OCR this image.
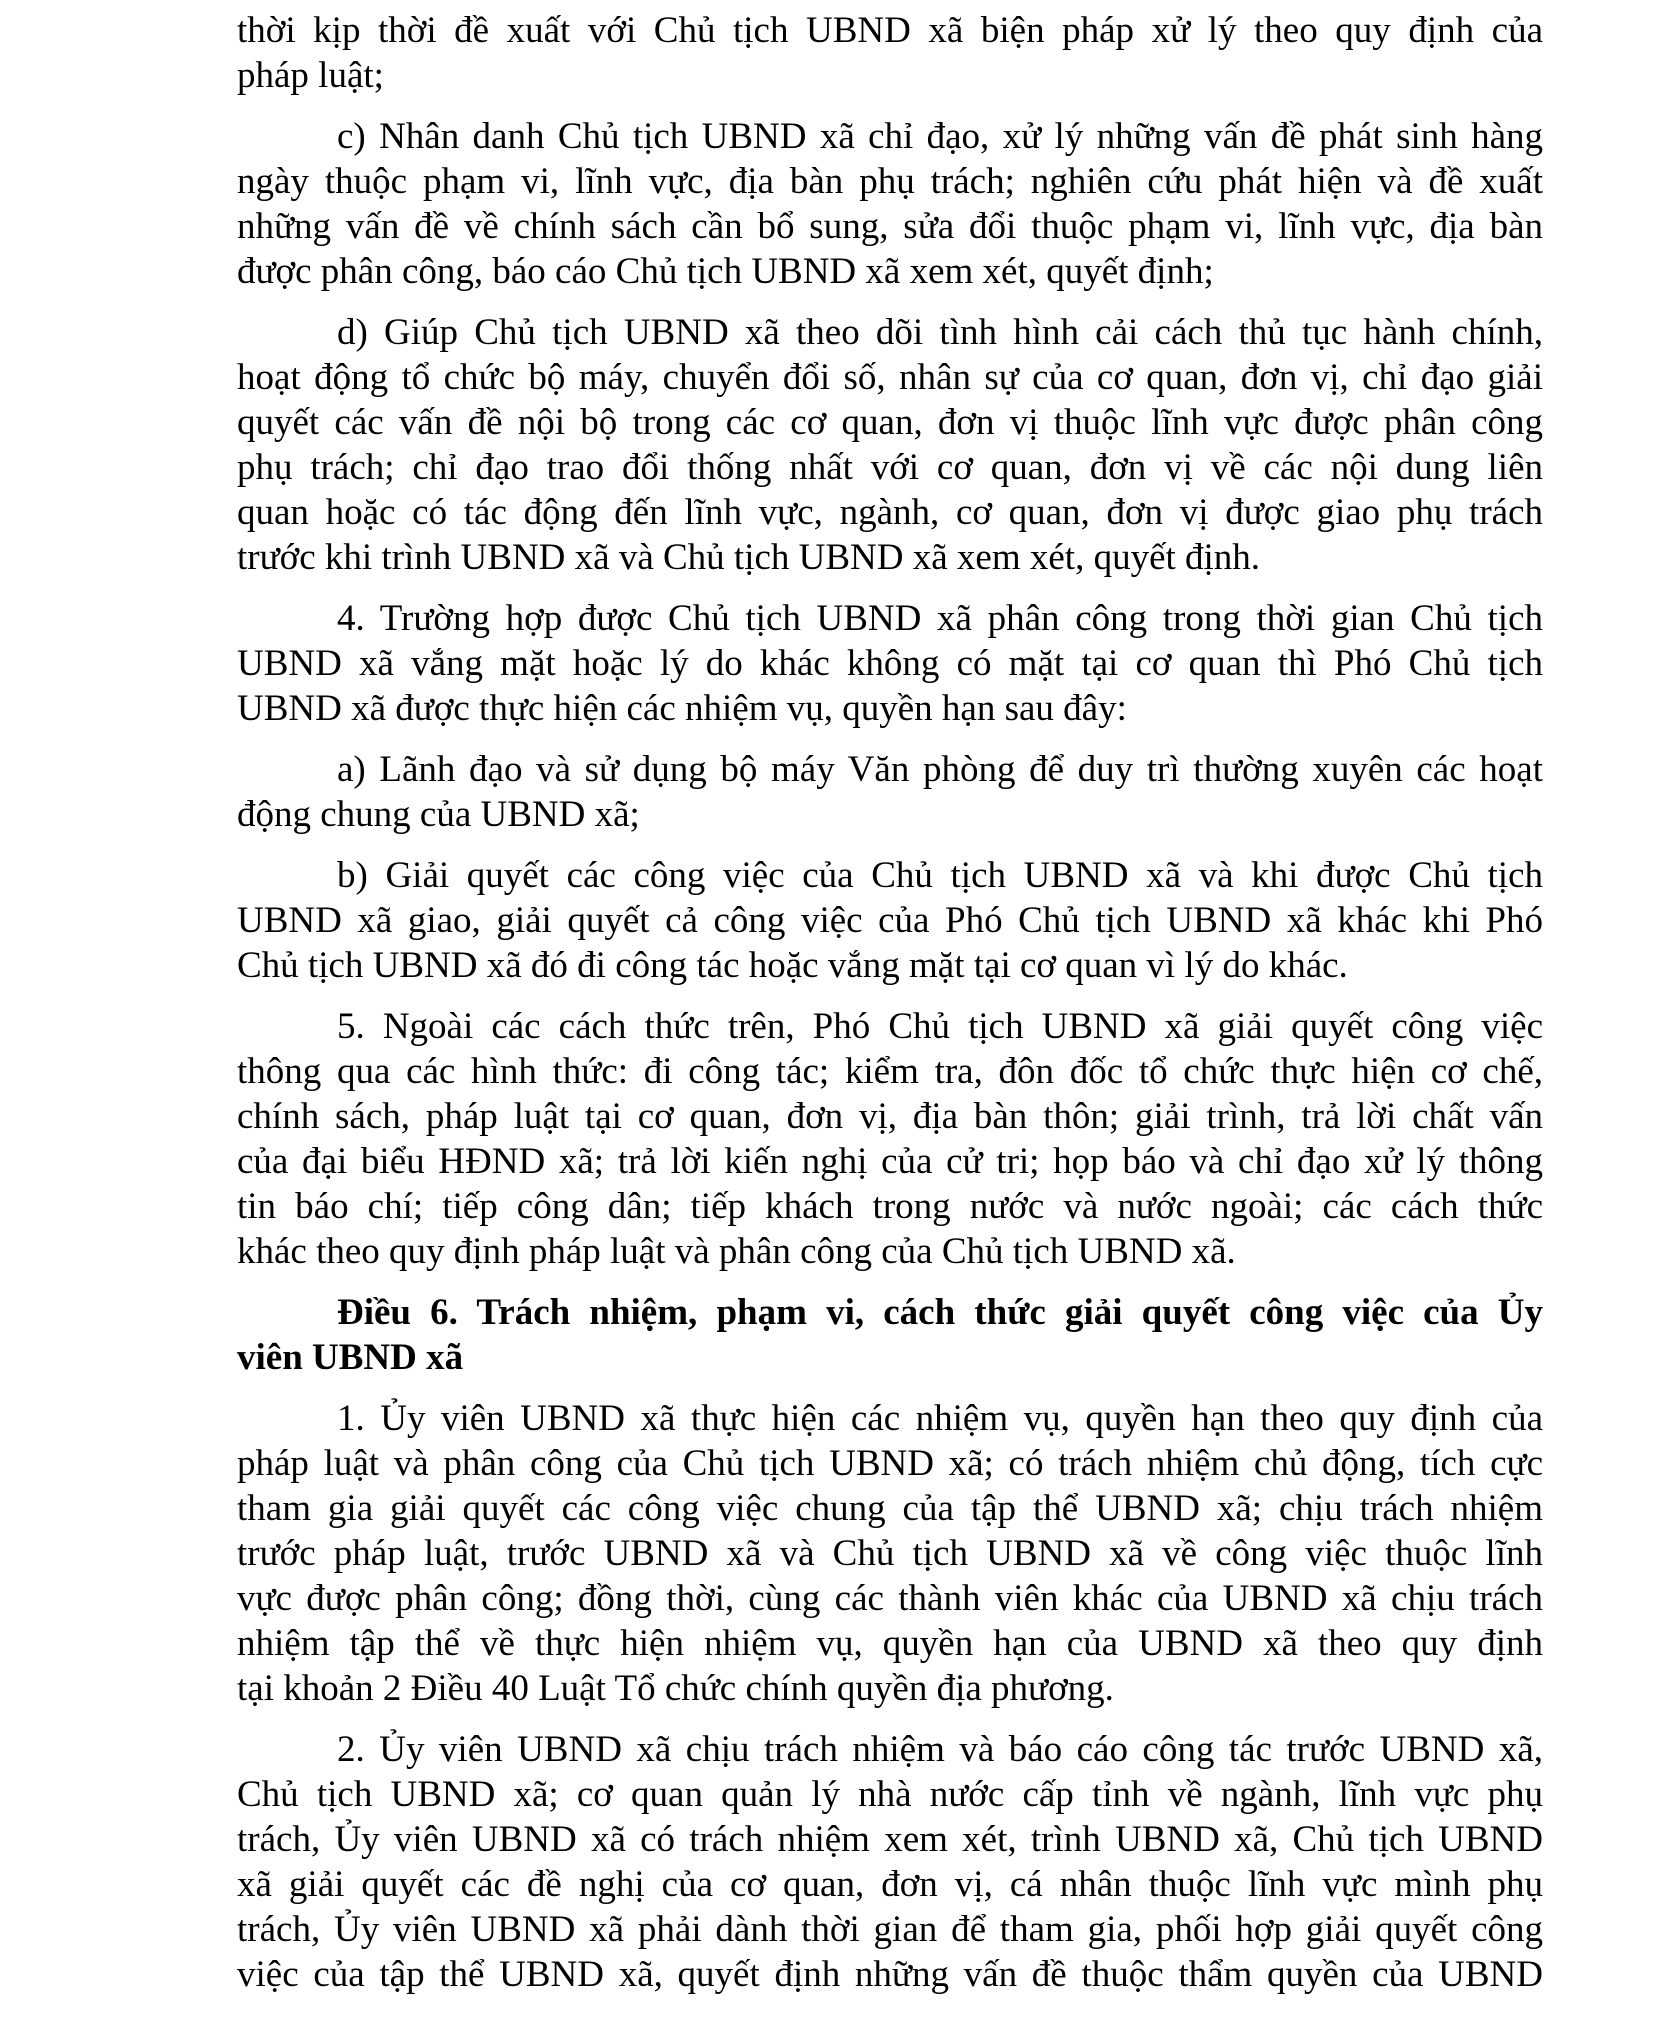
thời kịp thời đề xuất với Chủ tịch UBND xã biện pháp xử lý theo quy định của
pháp luật;
c) Nhân danh Chủ tịch UBND xã chỉ đạo, xử lý những vấn đề phát sinh hàng
ngày thuộc phạm vi, lĩnh vực, địa bàn phụ trách; nghiên cứu phát hiện và đề xuất
những vấn đề về chính sách cần bổ sung, sửa đổi thuộc phạm vi, lĩnh vực, địa bàn
được phân công, báo cáo Chủ tịch UBND xã xem xét, quyết định;
d) Giúp Chủ tịch UBND xã theo dõi tình hình cải cách thủ tục hành chính,
hoạt động tổ chức bộ máy, chuyển đổi số, nhân sự của cơ quan, đơn vị, chỉ đạo giải
quyết các vấn đề nội bộ trong các cơ quan, đơn vị thuộc lĩnh vực được phân công
phụ trách; chỉ đạo trao đổi thống nhất với cơ quan, đơn vị về các nội dung liên
quan hoặc có tác động đến lĩnh vực, ngành, cơ quan, đơn vị được giao phụ trách
trước khi trình UBND xã và Chủ tịch UBND xã xem xét, quyết định.
4. Trường hợp được Chủ tịch UBND xã phân công trong thời gian Chủ tịch
UBND xã vắng mặt hoặc lý do khác không có mặt tại cơ quan thì Phó Chủ tịch
UBND xã được thực hiện các nhiệm vụ, quyền hạn sau đây:
a) Lãnh đạo và sử dụng bộ máy Văn phòng để duy trì thường xuyên các hoạt
động chung của UBND xã;
b) Giải quyết các công việc của Chủ tịch UBND xã và khi được Chủ tịch
UBND xã giao, giải quyết cả công việc của Phó Chủ tịch UBND xã khác khi Phó
Chủ tịch UBND xã đó đi công tác hoặc vắng mặt tại cơ quan vì lý do khác.
5. Ngoài các cách thức trên, Phó Chủ tịch UBND xã giải quyết công việc
thông qua các hình thức: đi công tác; kiểm tra, đôn đốc tổ chức thực hiện cơ chế,
chính sách, pháp luật tại cơ quan, đơn vị, địa bàn thôn; giải trình, trả lời chất vấn
của đại biểu HĐND xã; trả lời kiến nghị của cử tri; họp báo và chỉ đạo xử lý thông
tin báo chí; tiếp công dân; tiếp khách trong nước và nước ngoài; các cách thức
khác theo quy định pháp luật và phân công của Chủ tịch UBND xã.
Điều 6. Trách nhiệm, phạm vi, cách thức giải quyết công việc của Ủy
viên UBND xã
1. Ủy viên UBND xã thực hiện các nhiệm vụ, quyền hạn theo quy định của
pháp luật và phân công của Chủ tịch UBND xã; có trách nhiệm chủ động, tích cực
tham gia giải quyết các công việc chung của tập thể UBND xã; chịu trách nhiệm
trước pháp luật, trước UBND xã và Chủ tịch UBND xã về công việc thuộc lĩnh
vực được phân công; đồng thời, cùng các thành viên khác của UBND xã chịu trách
nhiệm tập thể về thực hiện nhiệm vụ, quyền hạn của UBND xã theo quy định
tại khoản 2 Điều 40 Luật Tổ chức chính quyền địa phương.
2. Ủy viên UBND xã chịu trách nhiệm và báo cáo công tác trước UBND xã,
Chủ tịch UBND xã; cơ quan quản lý nhà nước cấp tỉnh về ngành, lĩnh vực phụ
trách, Ủy viên UBND xã có trách nhiệm xem xét, trình UBND xã, Chủ tịch UBND
xã giải quyết các đề nghị của cơ quan, đơn vị, cá nhân thuộc lĩnh vực mình phụ
trách, Ủy viên UBND xã phải dành thời gian để tham gia, phối hợp giải quyết công
việc của tập thể UBND xã, quyết định những vấn đề thuộc thẩm quyền của UBND
